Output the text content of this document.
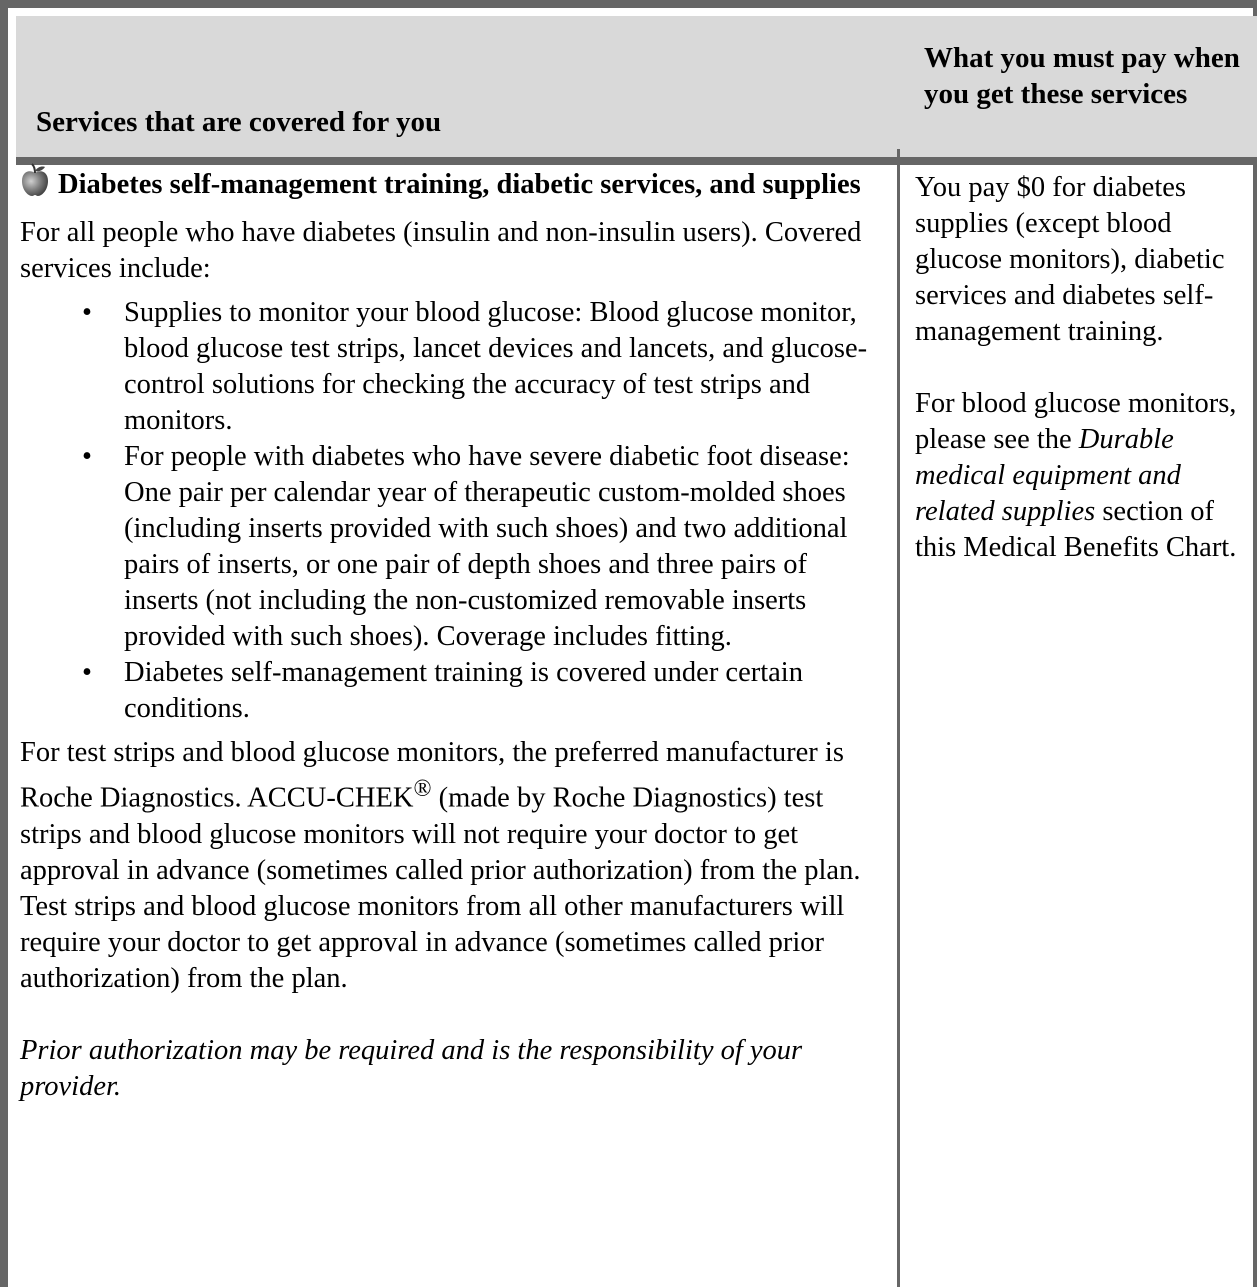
Services that are covered for you
What you must pay when you get these services

Diabetes self-management training, diabetic services, and supplies

For all people who have diabetes (insulin and non-insulin users). Covered services include:

• Supplies to monitor your blood glucose: Blood glucose monitor, blood glucose test strips, lancet devices and lancets, and glucose-control solutions for checking the accuracy of test strips and monitors.
• For people with diabetes who have severe diabetic foot disease: One pair per calendar year of therapeutic custom-molded shoes (including inserts provided with such shoes) and two additional pairs of inserts, or one pair of depth shoes and three pairs of inserts (not including the non-customized removable inserts provided with such shoes). Coverage includes fitting.
• Diabetes self-management training is covered under certain conditions.

For test strips and blood glucose monitors, the preferred manufacturer is Roche Diagnostics. ACCU-CHEK® (made by Roche Diagnostics) test strips and blood glucose monitors will not require your doctor to get approval in advance (sometimes called prior authorization) from the plan. Test strips and blood glucose monitors from all other manufacturers will require your doctor to get approval in advance (sometimes called prior authorization) from the plan.

Prior authorization may be required and is the responsibility of your provider.

You pay $0 for diabetes supplies (except blood glucose monitors), diabetic services and diabetes self-management training.

For blood glucose monitors, please see the Durable medical equipment and related supplies section of this Medical Benefits Chart.
